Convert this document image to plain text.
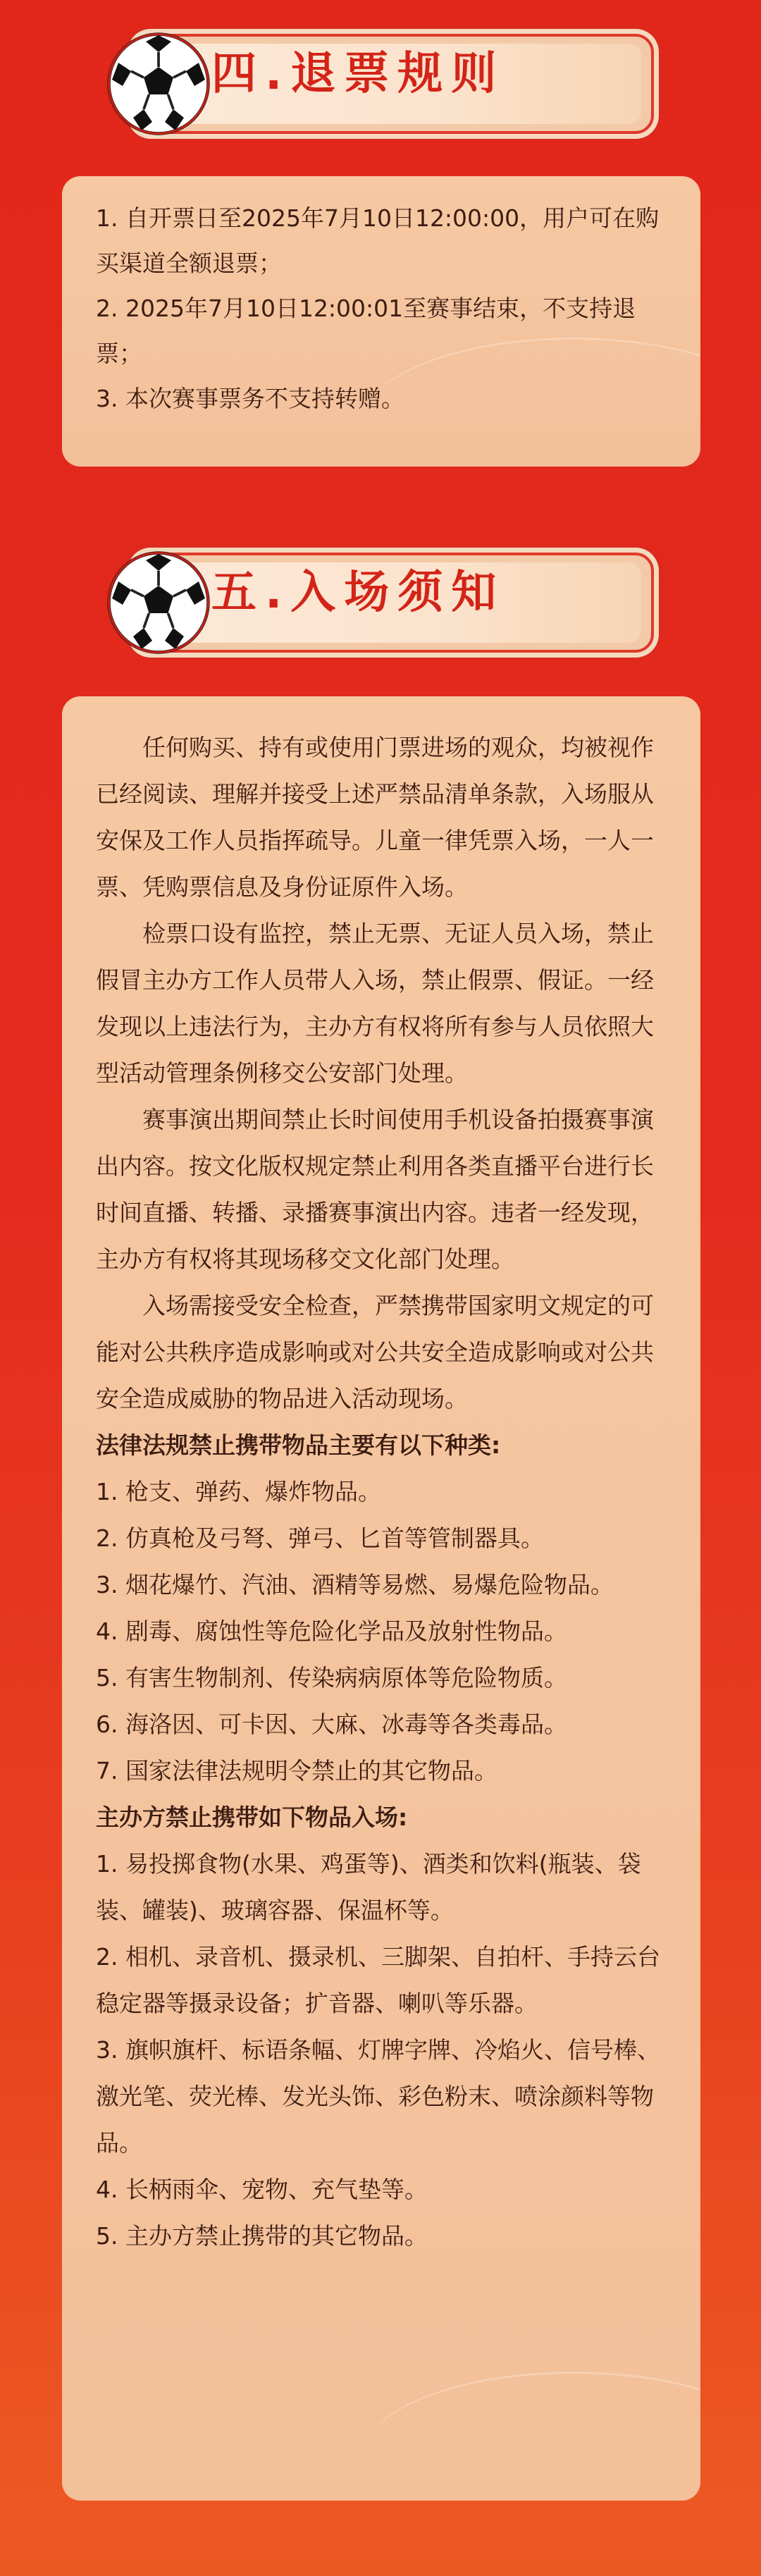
四.退票规则

1. 自开票日至2025年7月10日12:00:00，用户可在购买渠道全额退票；

2. 2025年7月10日12:00:01至赛事结束，不支持退票；

3. 本次赛事票务不支持转赠。

五.入场须知

任何购买、持有或使用门票进场的观众，均被视作已经阅读、理解并接受上述严禁品清单条款，入场服从安保及工作人员指挥疏导。儿童一律凭票入场，一人一票、凭购票信息及身份证原件入场。

检票口设有监控，禁止无票、无证人员入场，禁止假冒主办方工作人员带人入场，禁止假票、假证。一经发现以上违法行为，主办方有权将所有参与人员依照大型活动管理条例移交公安部门处理。

赛事演出期间禁止长时间使用手机设备拍摄赛事演出内容。按文化版权规定禁止利用各类直播平台进行长时间直播、转播、录播赛事演出内容。违者一经发现，主办方有权将其现场移交文化部门处理。

入场需接受安全检查，严禁携带国家明文规定的可能对公共秩序造成影响或对公共安全造成影响或对公共安全造成威胁的物品进入活动现场。

法律法规禁止携带物品主要有以下种类:

1. 枪支、弹药、爆炸物品。

2. 仿真枪及弓弩、弹弓、匕首等管制器具。

3. 烟花爆竹、汽油、酒精等易燃、易爆危险物品。

4. 剧毒、腐蚀性等危险化学品及放射性物品。

5. 有害生物制剂、传染病病原体等危险物质。

6. 海洛因、可卡因、大麻、冰毒等各类毒品。

7. 国家法律法规明令禁止的其它物品。

主办方禁止携带如下物品入场:

1. 易投掷食物(水果、鸡蛋等)、酒类和饮料(瓶装、袋装、罐装)、玻璃容器、保温杯等。

2. 相机、录音机、摄录机、三脚架、自拍杆、手持云台稳定器等摄录设备；扩音器、喇叭等乐器。

3. 旗帜旗杆、标语条幅、灯牌字牌、冷焰火、信号棒、激光笔、荧光棒、发光头饰、彩色粉末、喷涂颜料等物品。

4. 长柄雨伞、宠物、充气垫等。

5. 主办方禁止携带的其它物品。
